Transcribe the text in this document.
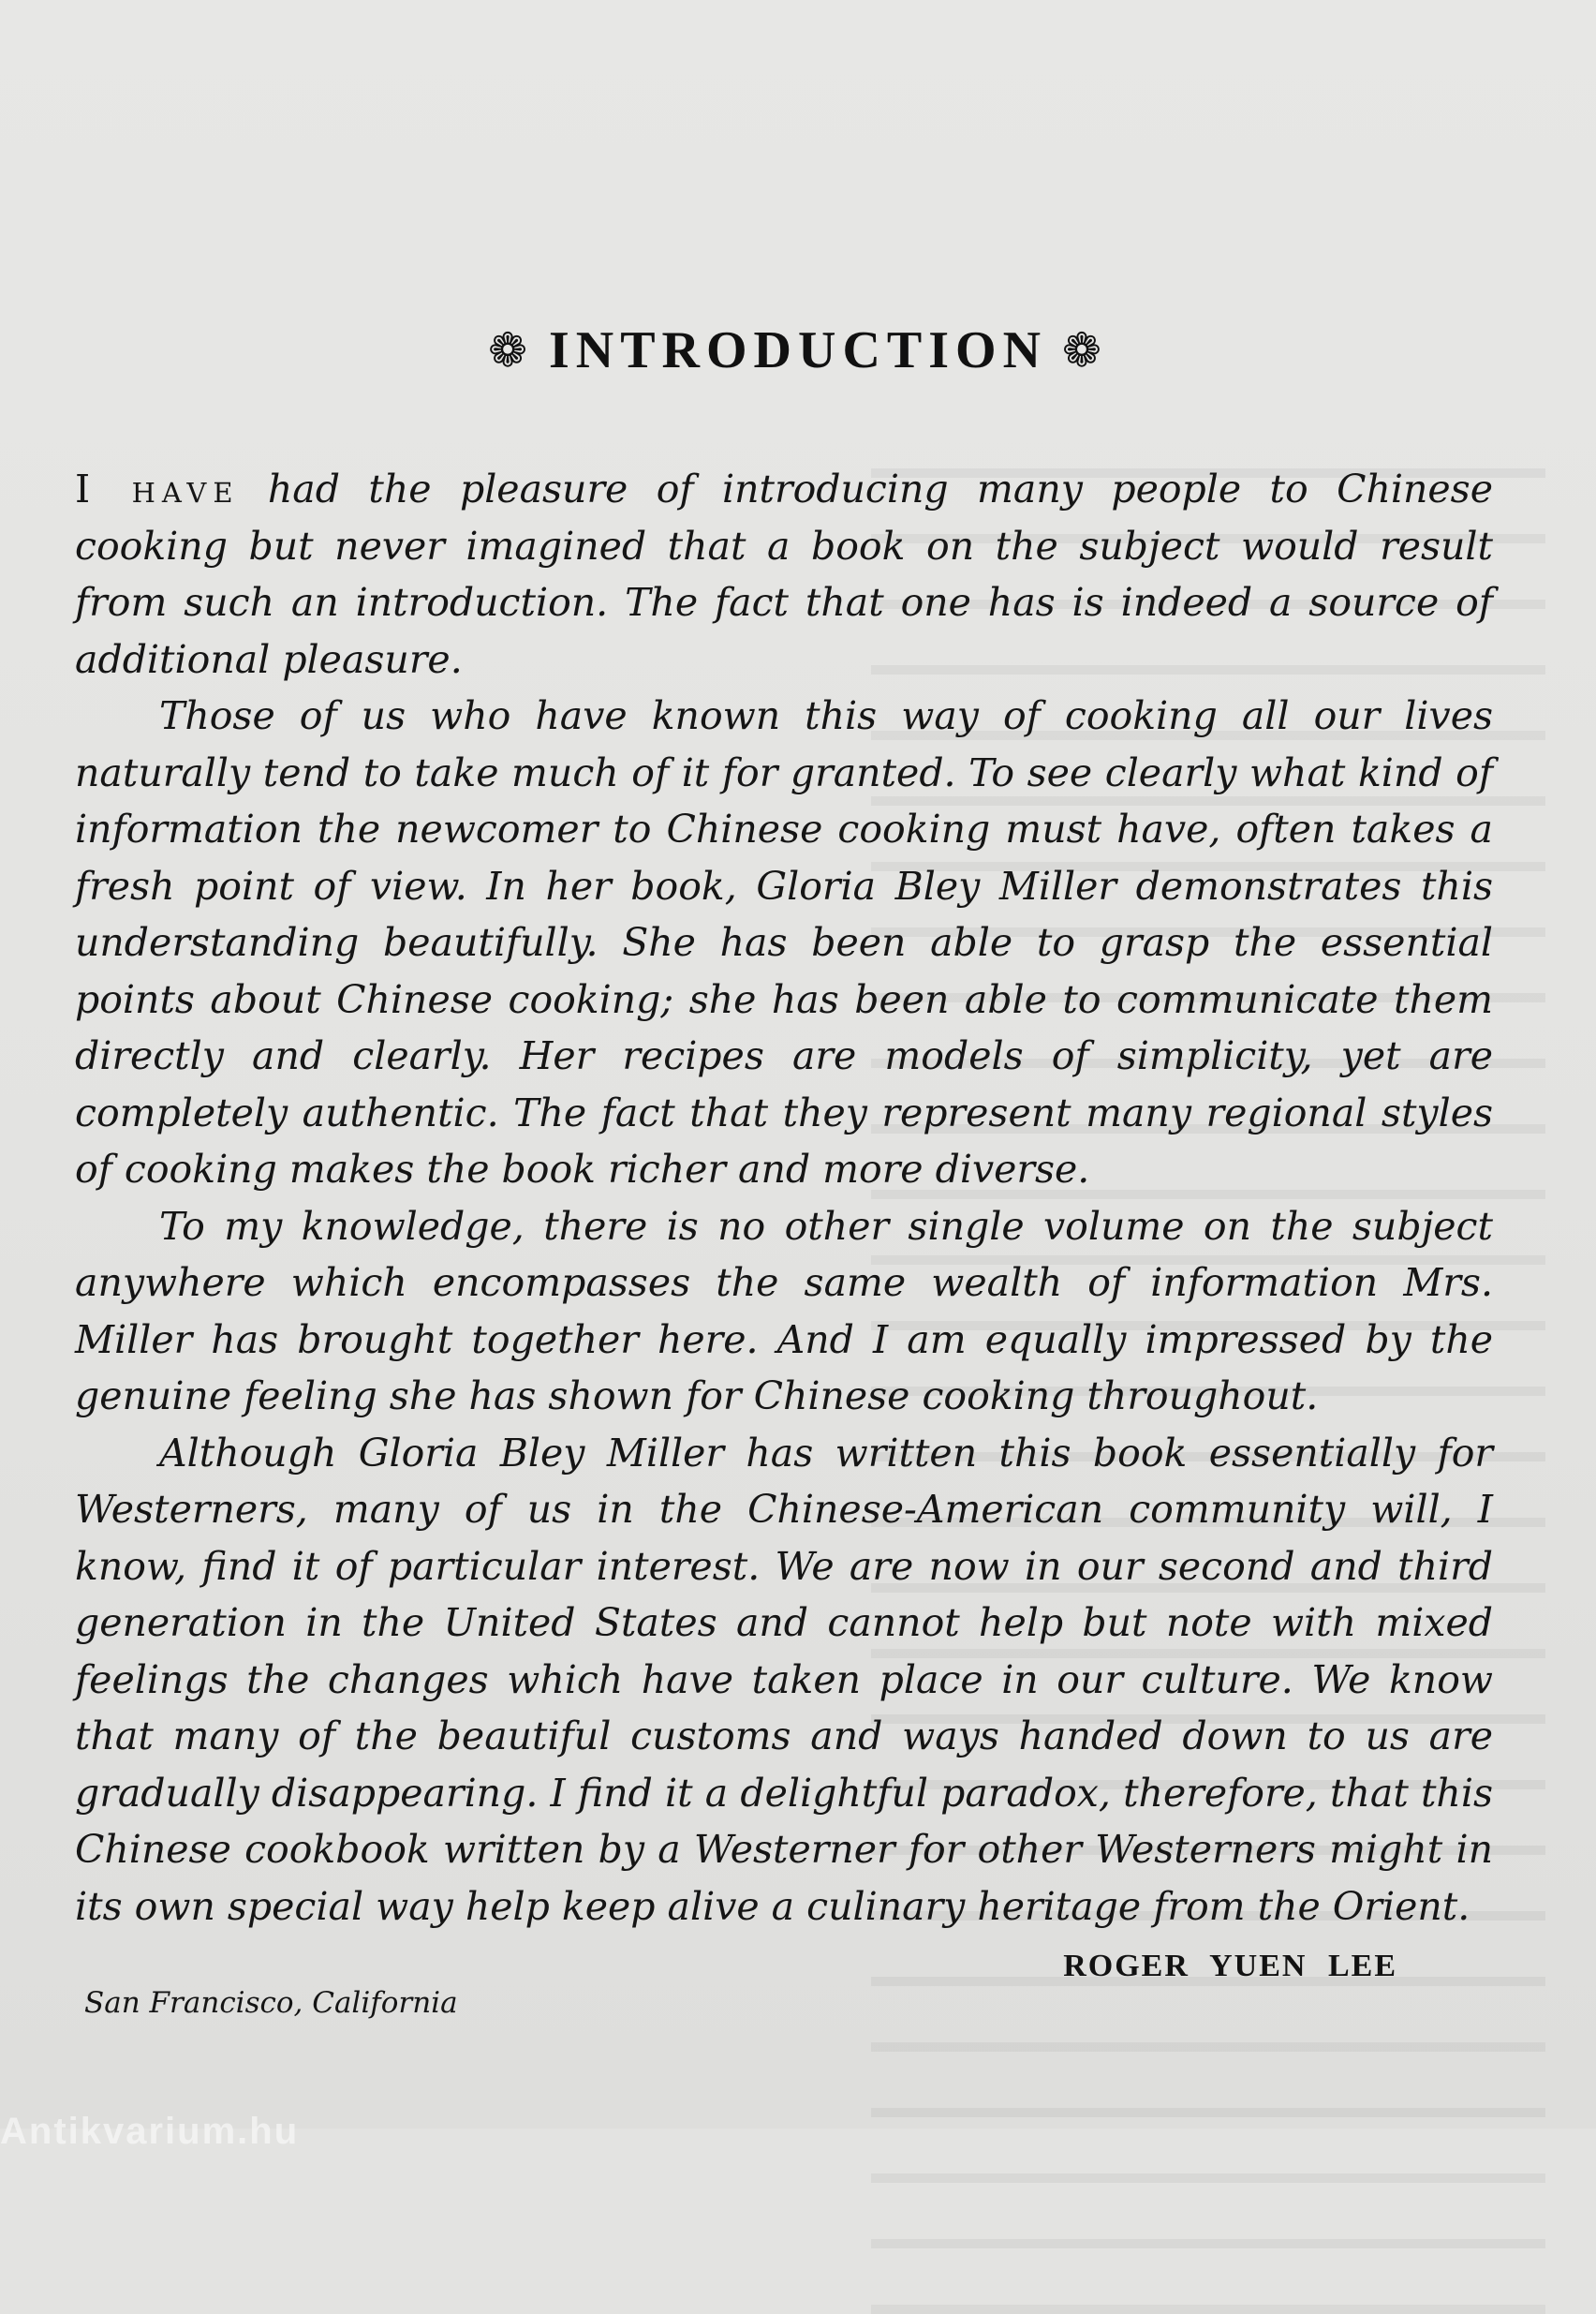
❁ INTRODUCTION ❁

I have had the pleasure of introducing many people to Chinese cooking but never imagined that a book on the subject would result from such an introduction. The fact that one has is indeed a source of additional pleasure.

Those of us who have known this way of cooking all our lives naturally tend to take much of it for granted. To see clearly what kind of information the newcomer to Chinese cooking must have, often takes a fresh point of view. In her book, Gloria Bley Miller demonstrates this understanding beautifully. She has been able to grasp the essential points about Chinese cooking; she has been able to communicate them directly and clearly. Her recipes are models of simplicity, yet are completely authentic. The fact that they represent many regional styles of cooking makes the book richer and more diverse.

To my knowledge, there is no other single volume on the subject anywhere which encompasses the same wealth of information Mrs. Miller has brought together here. And I am equally impressed by the genuine feeling she has shown for Chinese cooking throughout.

Although Gloria Bley Miller has written this book essentially for Westerners, many of us in the Chinese-American community will, I know, find it of particular interest. We are now in our second and third generation in the United States and cannot help but note with mixed feelings the changes which have taken place in our culture. We know that many of the beautiful customs and ways handed down to us are gradually disappearing. I find it a delightful paradox, therefore, that this Chinese cookbook written by a Westerner for other Westerners might in its own special way help keep alive a culinary heritage from the Orient.

ROGER YUEN LEE
San Francisco, California
Antikvarium.hu
